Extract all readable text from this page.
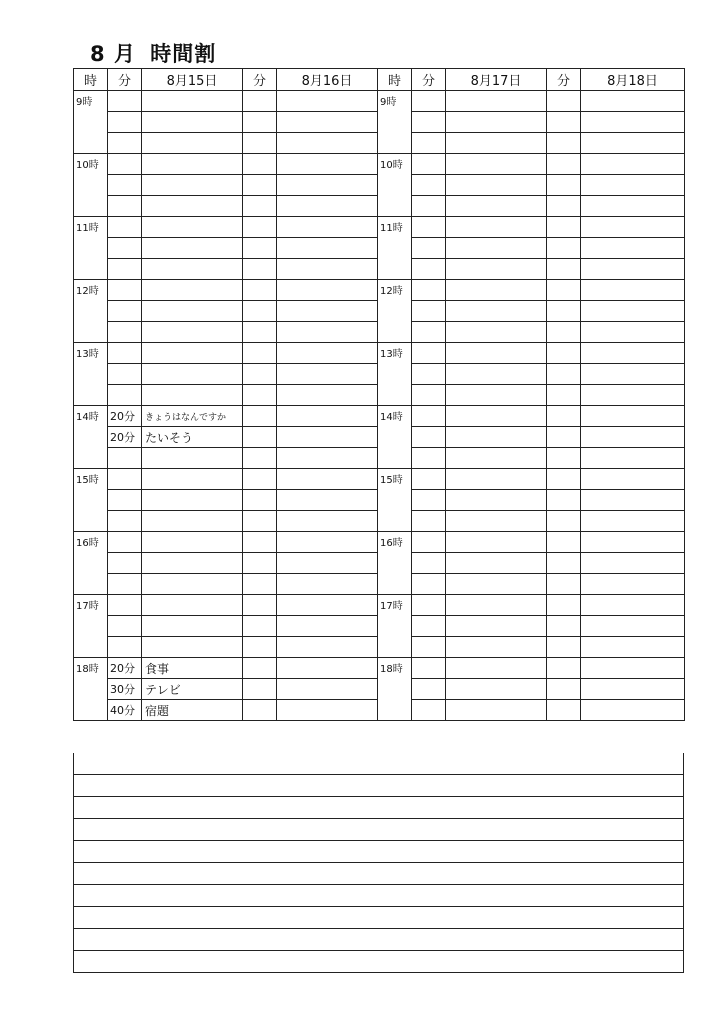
8 月 時間割
時	分	8月15日	分	8月16日	時	分	8月17日	分	8月18日
9時					9時				

10時					10時				

11時					11時				

12時					12時				

13時					13時				

14時	20分	きょうはなんですか			14時				
	20分	たいそう							

15時					15時				

16時					16時				

17時					17時				

18時	20分	食事			18時				
	30分	テレビ							
	40分	宿題							
